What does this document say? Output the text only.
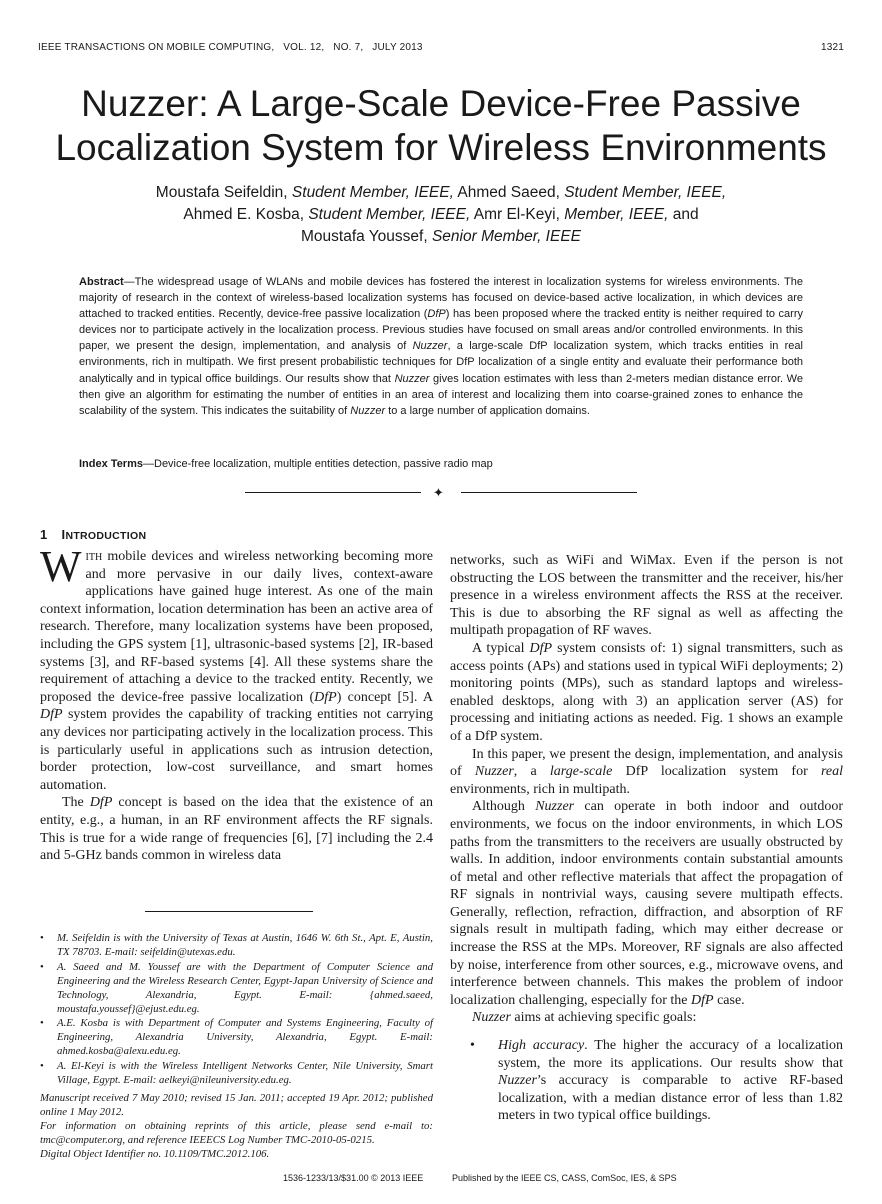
IEEE TRANSACTIONS ON MOBILE COMPUTING,   VOL. 12,   NO. 7,   JULY 2013	1321
Nuzzer: A Large-Scale Device-Free Passive
Localization System for Wireless Environments
Moustafa Seifeldin, Student Member, IEEE, Ahmed Saeed, Student Member, IEEE,
Ahmed E. Kosba, Student Member, IEEE, Amr El-Keyi, Member, IEEE, and
Moustafa Youssef, Senior Member, IEEE
Abstract—The widespread usage of WLANs and mobile devices has fostered the interest in localization systems for wireless environments. The majority of research in the context of wireless-based localization systems has focused on device-based active localization, in which devices are attached to tracked entities. Recently, device-free passive localization (DfP) has been proposed where the tracked entity is neither required to carry devices nor to participate actively in the localization process. Previous studies have focused on small areas and/or controlled environments. In this paper, we present the design, implementation, and analysis of Nuzzer, a large-scale DfP localization system, which tracks entities in real environments, rich in multipath. We first present probabilistic techniques for DfP localization of a single entity and evaluate their performance both analytically and in typical office buildings. Our results show that Nuzzer gives location estimates with less than 2-meters median distance error. We then give an algorithm for estimating the number of entities in an area of interest and localizing them into coarse-grained zones to enhance the scalability of the system. This indicates the suitability of Nuzzer to a large number of application domains.
Index Terms—Device-free localization, multiple entities detection, passive radio map
✦
1 INTRODUCTION

With mobile devices and wireless networking becoming more and more pervasive in our daily lives, context-aware applications have gained huge interest. As one of the main context information, location determination has been an active area of research. Therefore, many localization systems have been proposed, including the GPS system [1], ultrasonic-based systems [2], IR-based systems [3], and RF-based systems [4]. All these systems share the requirement of attaching a device to the tracked entity. Recently, we proposed the device-free passive localization (DfP) concept [5]. A DfP system provides the capability of tracking entities not carrying any devices nor participating actively in the localization process. This is particularly useful in applications such as intrusion detection, border protection, low-cost surveillance, and smart homes automation.

The DfP concept is based on the idea that the existence of an entity, e.g., a human, in an RF environment affects the RF signals. This is true for a wide range of frequencies [6], [7] including the 2.4 and 5-GHz bands common in wireless data

• M. Seifeldin is with the University of Texas at Austin, 1646 W. 6th St., Apt. E, Austin, TX 78703. E-mail: seifeldin@utexas.edu.
• A. Saeed and M. Youssef are with the Department of Computer Science and Engineering and the Wireless Research Center, Egypt-Japan University of Science and Technology, Alexandria, Egypt. E-mail: {ahmed.saeed, moustafa.youssef}@ejust.edu.eg.
• A.E. Kosba is with Department of Computer and Systems Engineering, Faculty of Engineering, Alexandria University, Alexandria, Egypt. E-mail: ahmed.kosba@alexu.edu.eg.
• A. El-Keyi is with the Wireless Intelligent Networks Center, Nile University, Smart Village, Egypt. E-mail: aelkeyi@nileuniversity.edu.eg.
Manuscript received 7 May 2010; revised 15 Jan. 2011; accepted 19 Apr. 2012; published online 1 May 2012.
For information on obtaining reprints of this article, please send e-mail to: tmc@computer.org, and reference IEEECS Log Number TMC-2010-05-0215.
Digital Object Identifier no. 10.1109/TMC.2012.106.

networks, such as WiFi and WiMax. Even if the person is not obstructing the LOS between the transmitter and the receiver, his/her presence in a wireless environment affects the RSS at the receiver. This is due to absorbing the RF signal as well as affecting the multipath propagation of RF waves.

A typical DfP system consists of: 1) signal transmitters, such as access points (APs) and stations used in typical WiFi deployments; 2) monitoring points (MPs), such as standard laptops and wireless-enabled desktops, along with 3) an application server (AS) for processing and initiating actions as needed. Fig. 1 shows an example of a DfP system.

In this paper, we present the design, implementation, and analysis of Nuzzer, a large-scale DfP localization system for real environments, rich in multipath.

Although Nuzzer can operate in both indoor and outdoor environments, we focus on the indoor environments, in which LOS paths from the transmitters to the receivers are usually obstructed by walls. In addition, indoor environments contain substantial amounts of metal and other reflective materials that affect the propagation of RF signals in nontrivial ways, causing severe multipath effects. Generally, reflection, refraction, diffraction, and absorption of RF signals result in multipath fading, which may either decrease or increase the RSS at the MPs. Moreover, RF signals are also affected by noise, interference from other sources, e.g., microwave ovens, and interference between channels. This makes the problem of indoor localization challenging, especially for the DfP case.

Nuzzer aims at achieving specific goals:

• High accuracy. The higher the accuracy of a localization system, the more its applications. Our results show that Nuzzer’s accuracy is comparable to active RF-based localization, with a median distance error of less than 1.82 meters in two typical office buildings.
1536-1233/13/$31.00 © 2013 IEEE	Published by the IEEE CS, CASS, ComSoc, IES, & SPS
